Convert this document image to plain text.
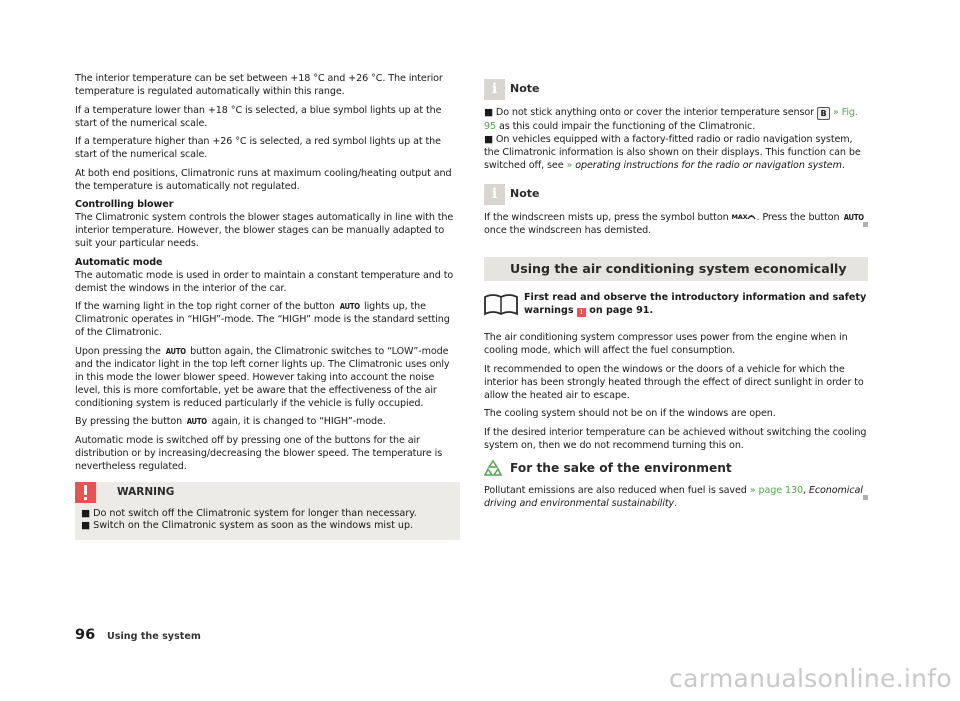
The interior temperature can be set between +18 °C and +26 °C. The interior temperature is regulated automatically within this range.

If a temperature lower than +18 °C is selected, a blue symbol lights up at the start of the numerical scale.

If a temperature higher than +26 °C is selected, a red symbol lights up at the start of the numerical scale.

At both end positions, Climatronic runs at maximum cooling/heating output and the temperature is automatically not regulated.

Controlling blower
The Climatronic system controls the blower stages automatically in line with the interior temperature. However, the blower stages can be manually adapted to suit your particular needs.

Automatic mode
The automatic mode is used in order to maintain a constant temperature and to demist the windows in the interior of the car.

If the warning light in the top right corner of the button AUTO lights up, the Climatronic operates in “HIGH”-mode. The “HIGH” mode is the standard setting of the Climatronic.

Upon pressing the AUTO button again, the Climatronic switches to “LOW”-mode and the indicator light in the top left corner lights up. The Climatronic uses only in this mode the lower blower speed. However taking into account the noise level, this is more comfortable, yet be aware that the effectiveness of the air conditioning system is reduced particularly if the vehicle is fully occupied.

By pressing the button AUTO again, it is changed to “HIGH”-mode.

Automatic mode is switched off by pressing one of the buttons for the air distribution or by increasing/decreasing the blower speed. The temperature is nevertheless regulated.

WARNING
■ Do not switch off the Climatronic system for longer than necessary.
■ Switch on the Climatronic system as soon as the windows mist up.
i	Note

■ Do not stick anything onto or cover the interior temperature sensor B » Fig. 95 as this could impair the functioning of the Climatronic.

■ On vehicles equipped with a factory-fitted radio or radio navigation system, the Climatronic information is also shown on their displays. This function can be switched off, see » operating instructions for the radio or navigation system.

i	Note

If the windscreen mists up, press the symbol button MAX . Press the button AUTO
once the windscreen has demisted.

Using the air conditioning system economically
First read and observe the introductory information and safety warnings ! on page 91.

The air conditioning system compressor uses power from the engine when in cooling mode, which will affect the fuel consumption.

It recommended to open the windows or the doors of a vehicle for which the interior has been strongly heated through the effect of direct sunlight in order to allow the heated air to escape.

The cooling system should not be on if the windows are open.

If the desired interior temperature can be achieved without switching the cooling system on, then we do not recommend turning this on.

For the sake of the environment

Pollutant emissions are also reduced when fuel is saved » page 130, Economical driving and environmental sustainability.

96 Using the system
carmanualsonline.info
